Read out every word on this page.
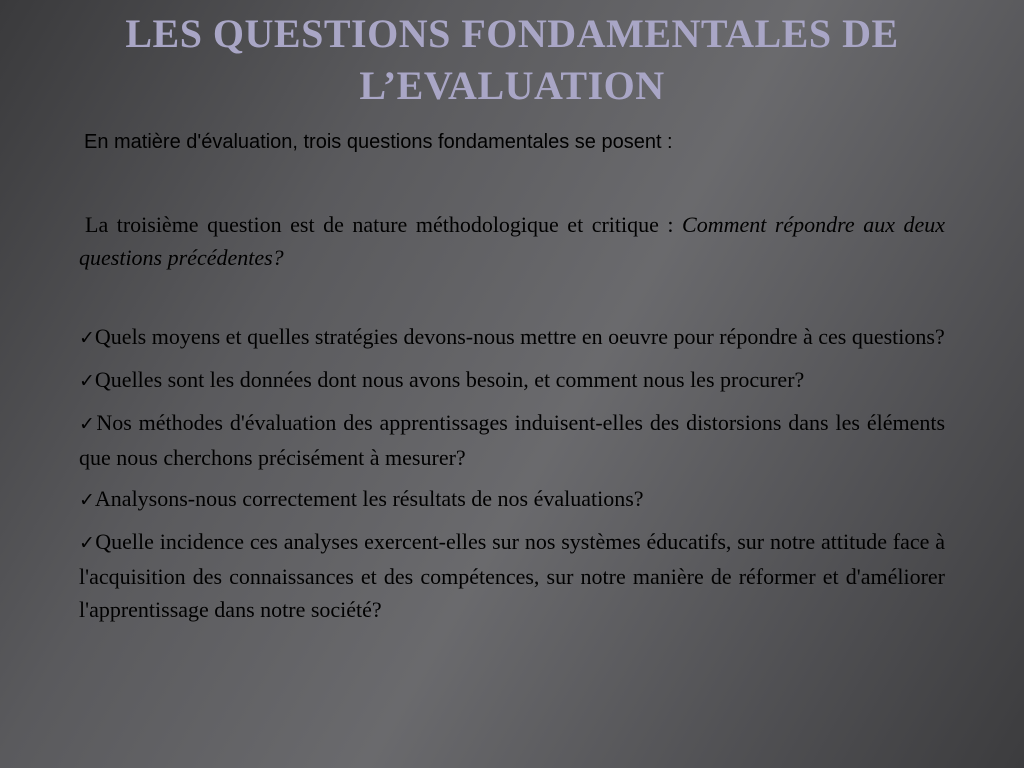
LES QUESTIONS FONDAMENTALES DE
L’EVALUATION
En matière d'évaluation, trois questions fondamentales se posent :

La troisième question est de nature méthodologique et critique : Comment répondre aux deux questions précédentes?

✓Quels moyens et quelles stratégies devons-nous mettre en oeuvre pour répondre à ces questions?
✓Quelles sont les données dont nous avons besoin, et comment nous les procurer?
✓Nos méthodes d'évaluation des apprentissages induisent-elles des distorsions dans les éléments que nous cherchons précisément à mesurer?
✓Analysons-nous correctement les résultats de nos évaluations?
✓Quelle incidence ces analyses exercent-elles sur nos systèmes éducatifs, sur notre attitude face à l'acquisition des connaissances et des compétences, sur notre manière de réformer et d'améliorer l'apprentissage dans notre société?
